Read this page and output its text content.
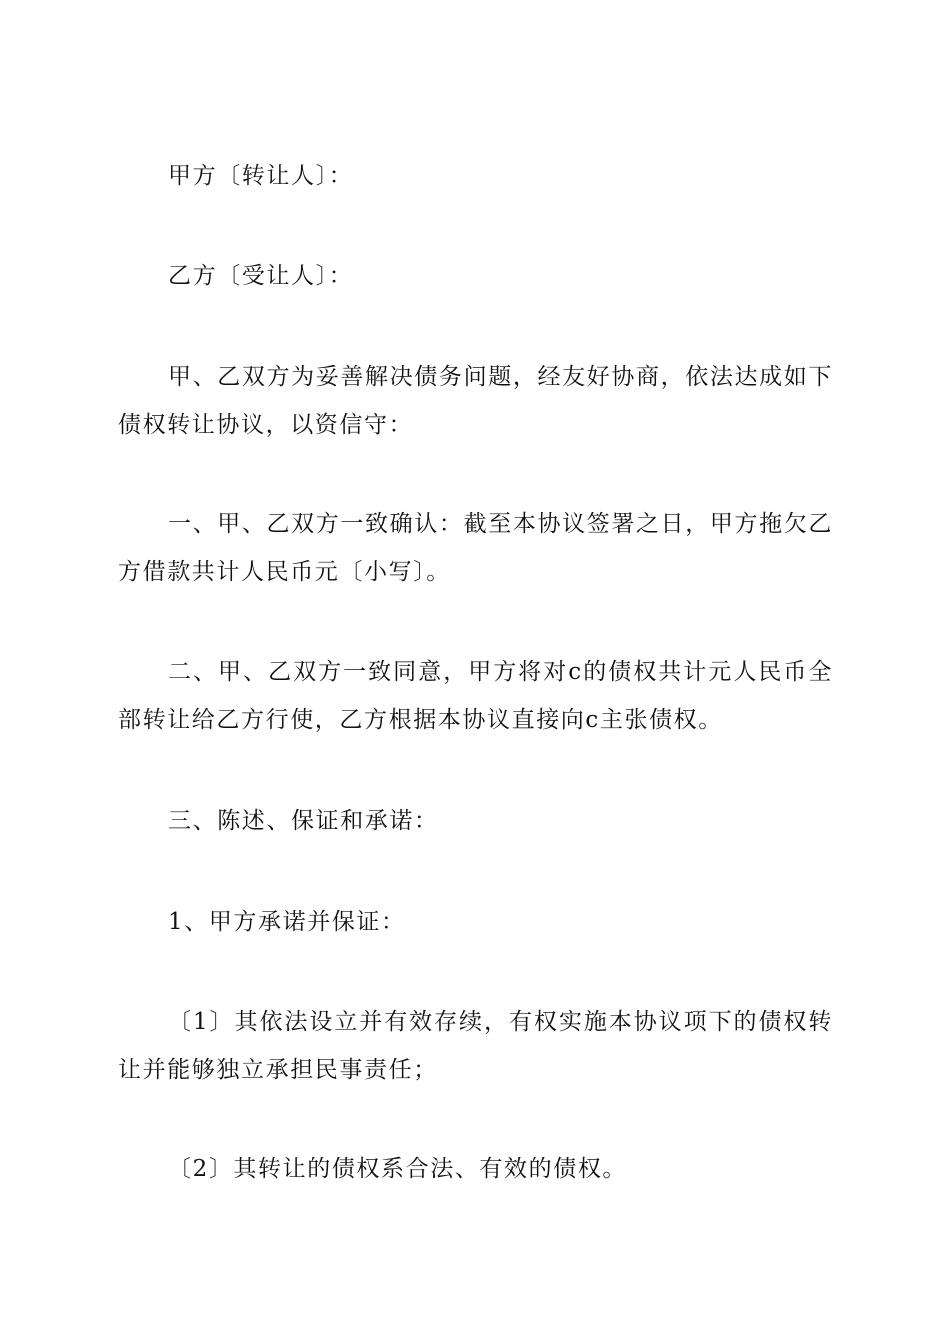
甲方〔转让人〕：

乙方〔受让人〕：

甲、乙双方为妥善解决债务问题，经友好协商，依法达成如下债权转让协议，以资信守：

一、甲、乙双方一致确认：截至本协议签署之日，甲方拖欠乙方借款共计人民币元〔小写〕。

二、甲、乙双方一致同意，甲方将对c的债权共计元人民币全部转让给乙方行使，乙方根据本协议直接向c主张债权。

三、陈述、保证和承诺：

1、甲方承诺并保证：

〔1〕其依法设立并有效存续，有权实施本协议项下的债权转让并能够独立承担民事责任；

〔2〕其转让的债权系合法、有效的债权。
